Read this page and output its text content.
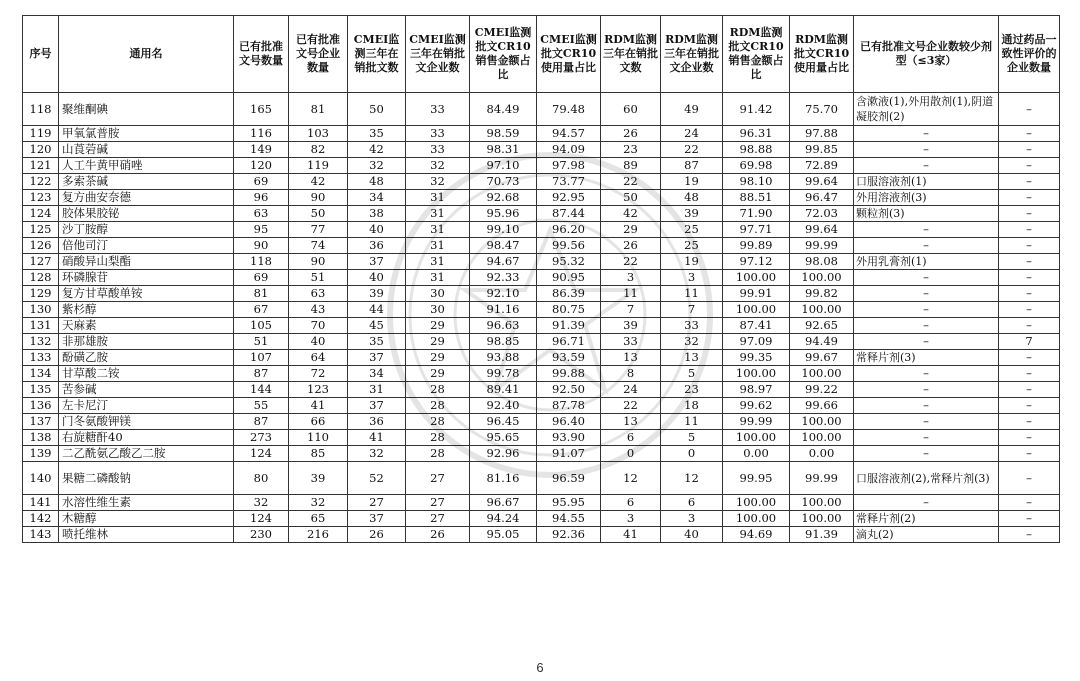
序号	通用名	已有批准文号数量	已有批准文号企业数量	CMEI监测三年在销批文数	CMEI监测三年在销批文企业数	CMEI监测批文CR10销售金额占比	CMEI监测批文CR10使用量占比	RDM监测三年在销批文数	RDM监测三年在销批文企业数	RDM监测批文CR10销售金额占比	RDM监测批文CR10使用量占比	已有批准文号企业数较少剂型（≤3家）	通过药品一致性评价的企业数量
118	聚维酮碘	165	81	50	33	84.49	79.48	60	49	91.42	75.70	含漱液(1),外用散剂(1),阴道凝胶剂(2)	–
119	甲氧氯普胺	116	103	35	33	98.59	94.57	26	24	96.31	97.88	–	–
120	山莨菪碱	149	82	42	33	98.31	94.09	23	22	98.88	99.85	–	–
121	人工牛黄甲硝唑	120	119	32	32	97.10	97.98	89	87	69.98	72.89	–	–
122	多索茶碱	69	42	48	32	70.73	73.77	22	19	98.10	99.64	口服溶液剂(1)	–
123	复方曲安奈德	96	90	34	31	92.68	92.95	50	48	88.51	96.47	外用溶液剂(3)	–
124	胶体果胶铋	63	50	38	31	95.96	87.44	42	39	71.90	72.03	颗粒剂(3)	–
125	沙丁胺醇	95	77	40	31	99.10	96.20	29	25	97.71	99.64	–	–
126	倍他司汀	90	74	36	31	98.47	99.56	26	25	99.89	99.99	–	–
127	硝酸异山梨酯	118	90	37	31	94.67	95.32	22	19	97.12	98.08	外用乳膏剂(1)	–
128	环磷腺苷	69	51	40	31	92.33	90.95	3	3	100.00	100.00	–	–
129	复方甘草酸单铵	81	63	39	30	92.10	86.39	11	11	99.91	99.82	–	–
130	紫杉醇	67	43	44	30	91.16	80.75	7	7	100.00	100.00	–	–
131	天麻素	105	70	45	29	96.63	91.39	39	33	87.41	92.65	–	–
132	非那雄胺	51	40	35	29	98.85	96.71	33	32	97.09	94.49	–	7
133	酚磺乙胺	107	64	37	29	93.88	93.59	13	13	99.35	99.67	常释片剂(3)	–
134	甘草酸二铵	87	72	34	29	99.78	99.88	8	5	100.00	100.00	–	–
135	苦参碱	144	123	31	28	89.41	92.50	24	23	98.97	99.22	–	–
136	左卡尼汀	55	41	37	28	92.40	87.78	22	18	99.62	99.66	–	–
137	门冬氨酸钾镁	87	66	36	28	96.45	96.40	13	11	99.99	100.00	–	–
138	右旋糖酐40	273	110	41	28	95.65	93.90	6	5	100.00	100.00	–	–
139	二乙酰氨乙酸乙二胺	124	85	32	28	92.96	91.07	0	0	0.00	0.00	–	–
140	果糖二磷酸钠	80	39	52	27	81.16	96.59	12	12	99.95	99.99	口服溶液剂(2),常释片剂(3)	–
141	水溶性维生素	32	32	27	27	96.67	95.95	6	6	100.00	100.00	–	–
142	木糖醇	124	65	37	27	94.24	94.55	3	3	100.00	100.00	常释片剂(2)	–
143	喷托维林	230	216	26	26	95.05	92.36	41	40	94.69	91.39	滴丸(2)	–
6
